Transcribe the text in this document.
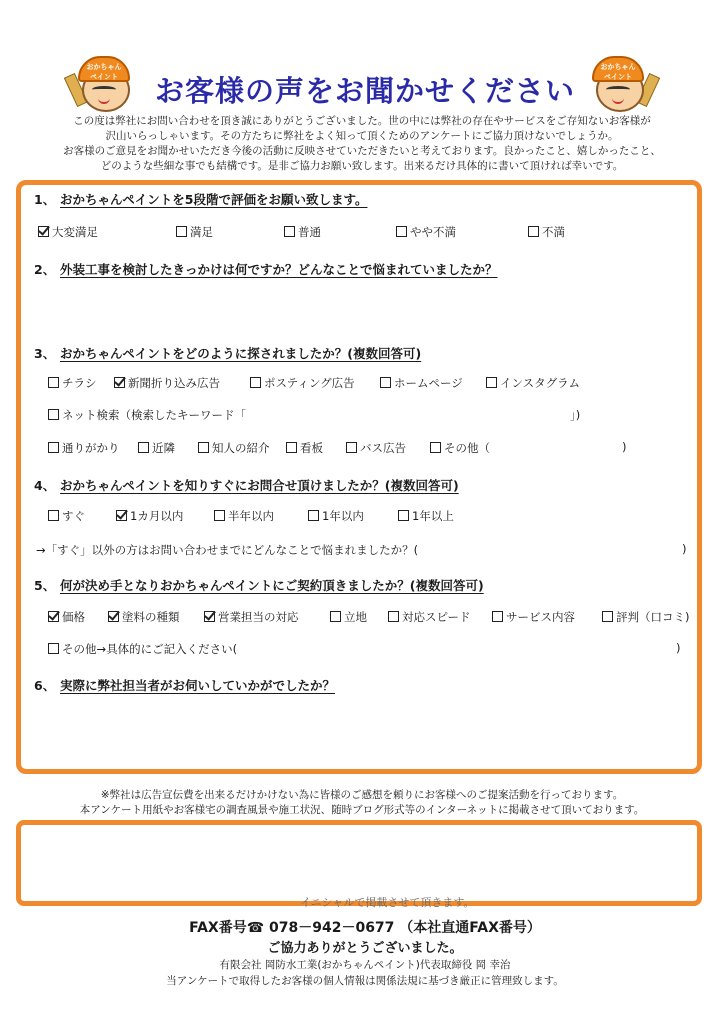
おかちゃん
ペイント	お客様の声をお聞かせください
おかちゃん
ペイント
この度は弊社にお問い合わせを頂き誠にありがとうございました。世の中には弊社の存在やサービスをご存知ないお客様が
沢山いらっしゃいます。その方たちに弊社をよく知って頂くためのアンケートにご協力頂けないでしょうか。
お客様のご意見をお聞かせいただき今後の活動に反映させていただきたいと考えております。良かったこと、嬉しかったこと、
どのような些細な事でも結構です。是非ご協力お願い致します。出来るだけ具体的に書いて頂ければ幸いです。
1、 おかちゃんペイントを5段階で評価をお願い致します。
大変満足	満足	普通	やや不満	不満
2、 外装工事を検討したきっかけは何ですか？どんなことで悩まれていましたか？
3、 おかちゃんペイントをどのように探されましたか？(複数回答可)
チラシ	新聞折り込み広告	ポスティング広告	ホームページ	インスタグラム
ネット検索（検索したキーワード「	」)
通りがかり	近隣	知人の紹介	看板	バス広告	その他（	)
4、 おかちゃんペイントを知りすぐにお問合せ頂けましたか？(複数回答可)
すぐ	1カ月以内	半年以内	1年以内	1年以上
→「すぐ」以外の方はお問い合わせまでにどんなことで悩まれましたか？(	)
5、 何が決め手となりおかちゃんペイントにご契約頂きましたか？(複数回答可)
価格	塗料の種類	営業担当の対応	立地	対応スピード	サービス内容	評判（口コミ)
その他→具体的にご記入ください(	)
6、 実際に弊社担当者がお伺いしていかがでしたか？
※弊社は広告宣伝費を出来るだけかけない為に皆様のご感想を頼りにお客様へのご提案活動を行っております。
本アンケート用紙やお客様宅の調査風景や施工状況、随時ブログ形式等のインターネットに掲載させて頂いております。
イニシャルで掲載させて頂きます。
FAX番号☎ 078－942－0677 （本社直通FAX番号）
ご協力ありがとうございました。
有限会社 岡防水工業(おかちゃんペイント)代表取締役 岡 幸治
当アンケートで取得したお客様の個人情報は関係法規に基づき厳正に管理致します。
